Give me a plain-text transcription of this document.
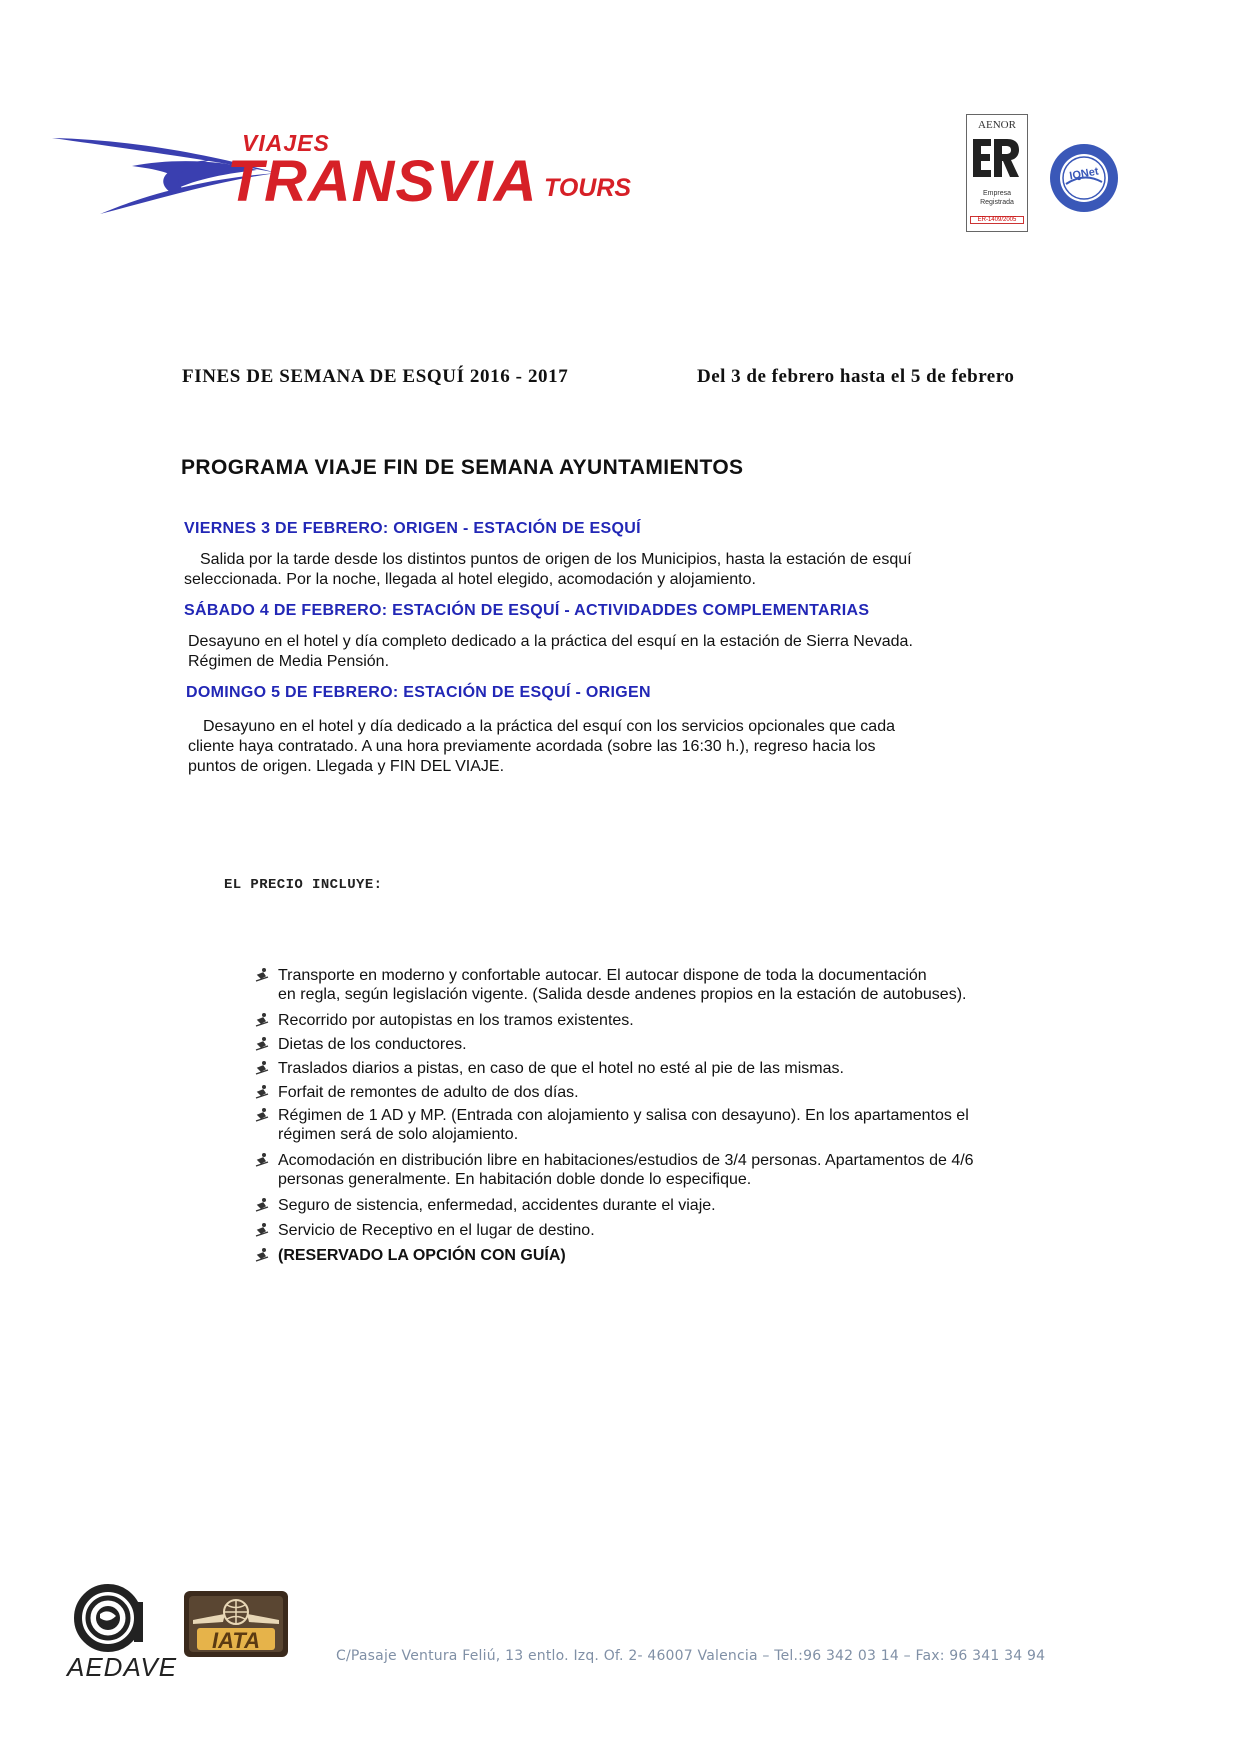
VIAJES
TRANSVIA TOURS
AENOR
Empresa
Registrada
ER-1409/2005
IQNet
FINES DE SEMANA DE ESQUÍ 2016 - 2017	Del 3 de febrero hasta el 5 de febrero
PROGRAMA VIAJE FIN DE SEMANA AYUNTAMIENTOS
VIERNES 3 DE FEBRERO: ORIGEN - ESTACIÓN DE ESQUÍ
Salida por la tarde desde los distintos puntos de origen de los Municipios, hasta la estación de esquí
seleccionada. Por la noche, llegada al hotel elegido, acomodación y alojamiento.
SÁBADO 4 DE FEBRERO: ESTACIÓN DE ESQUÍ - ACTIVIDADDES COMPLEMENTARIAS
Desayuno en el hotel y día completo dedicado a la práctica del esquí en la estación de Sierra Nevada.
Régimen de Media Pensión.
DOMINGO 5 DE FEBRERO: ESTACIÓN DE ESQUÍ - ORIGEN
Desayuno en el hotel y día dedicado a la práctica del esquí con los servicios opcionales que cada
cliente haya contratado. A una hora previamente acordada (sobre las 16:30 h.), regreso hacia los
puntos de origen. Llegada y FIN DEL VIAJE.
EL PRECIO INCLUYE:
Transporte en moderno y confortable autocar. El autocar dispone de toda la documentación
en regla, según legislación vigente. (Salida desde andenes propios en la estación de autobuses).
Recorrido por autopistas en los tramos existentes.
Dietas de los conductores.
Traslados diarios a pistas, en caso de que el hotel no esté al pie de las mismas.
Forfait de remontes de adulto de dos días.
Régimen de 1 AD y MP. (Entrada con alojamiento y salisa con desayuno). En los apartamentos el
régimen será de solo alojamiento.
Acomodación en distribución libre en habitaciones/estudios de 3/4 personas. Apartamentos de 4/6
personas generalmente. En habitación doble donde lo especifique.
Seguro de sistencia, enfermedad, accidentes durante el viaje.
Servicio de Receptivo en el lugar de destino.
(RESERVADO LA OPCIÓN CON GUÍA)
AEDAVE
IATA
C/Pasaje Ventura Feliú, 13 entlo. Izq. Of. 2- 46007 Valencia – Tel.:96 342 03 14 – Fax: 96 341 34 94
